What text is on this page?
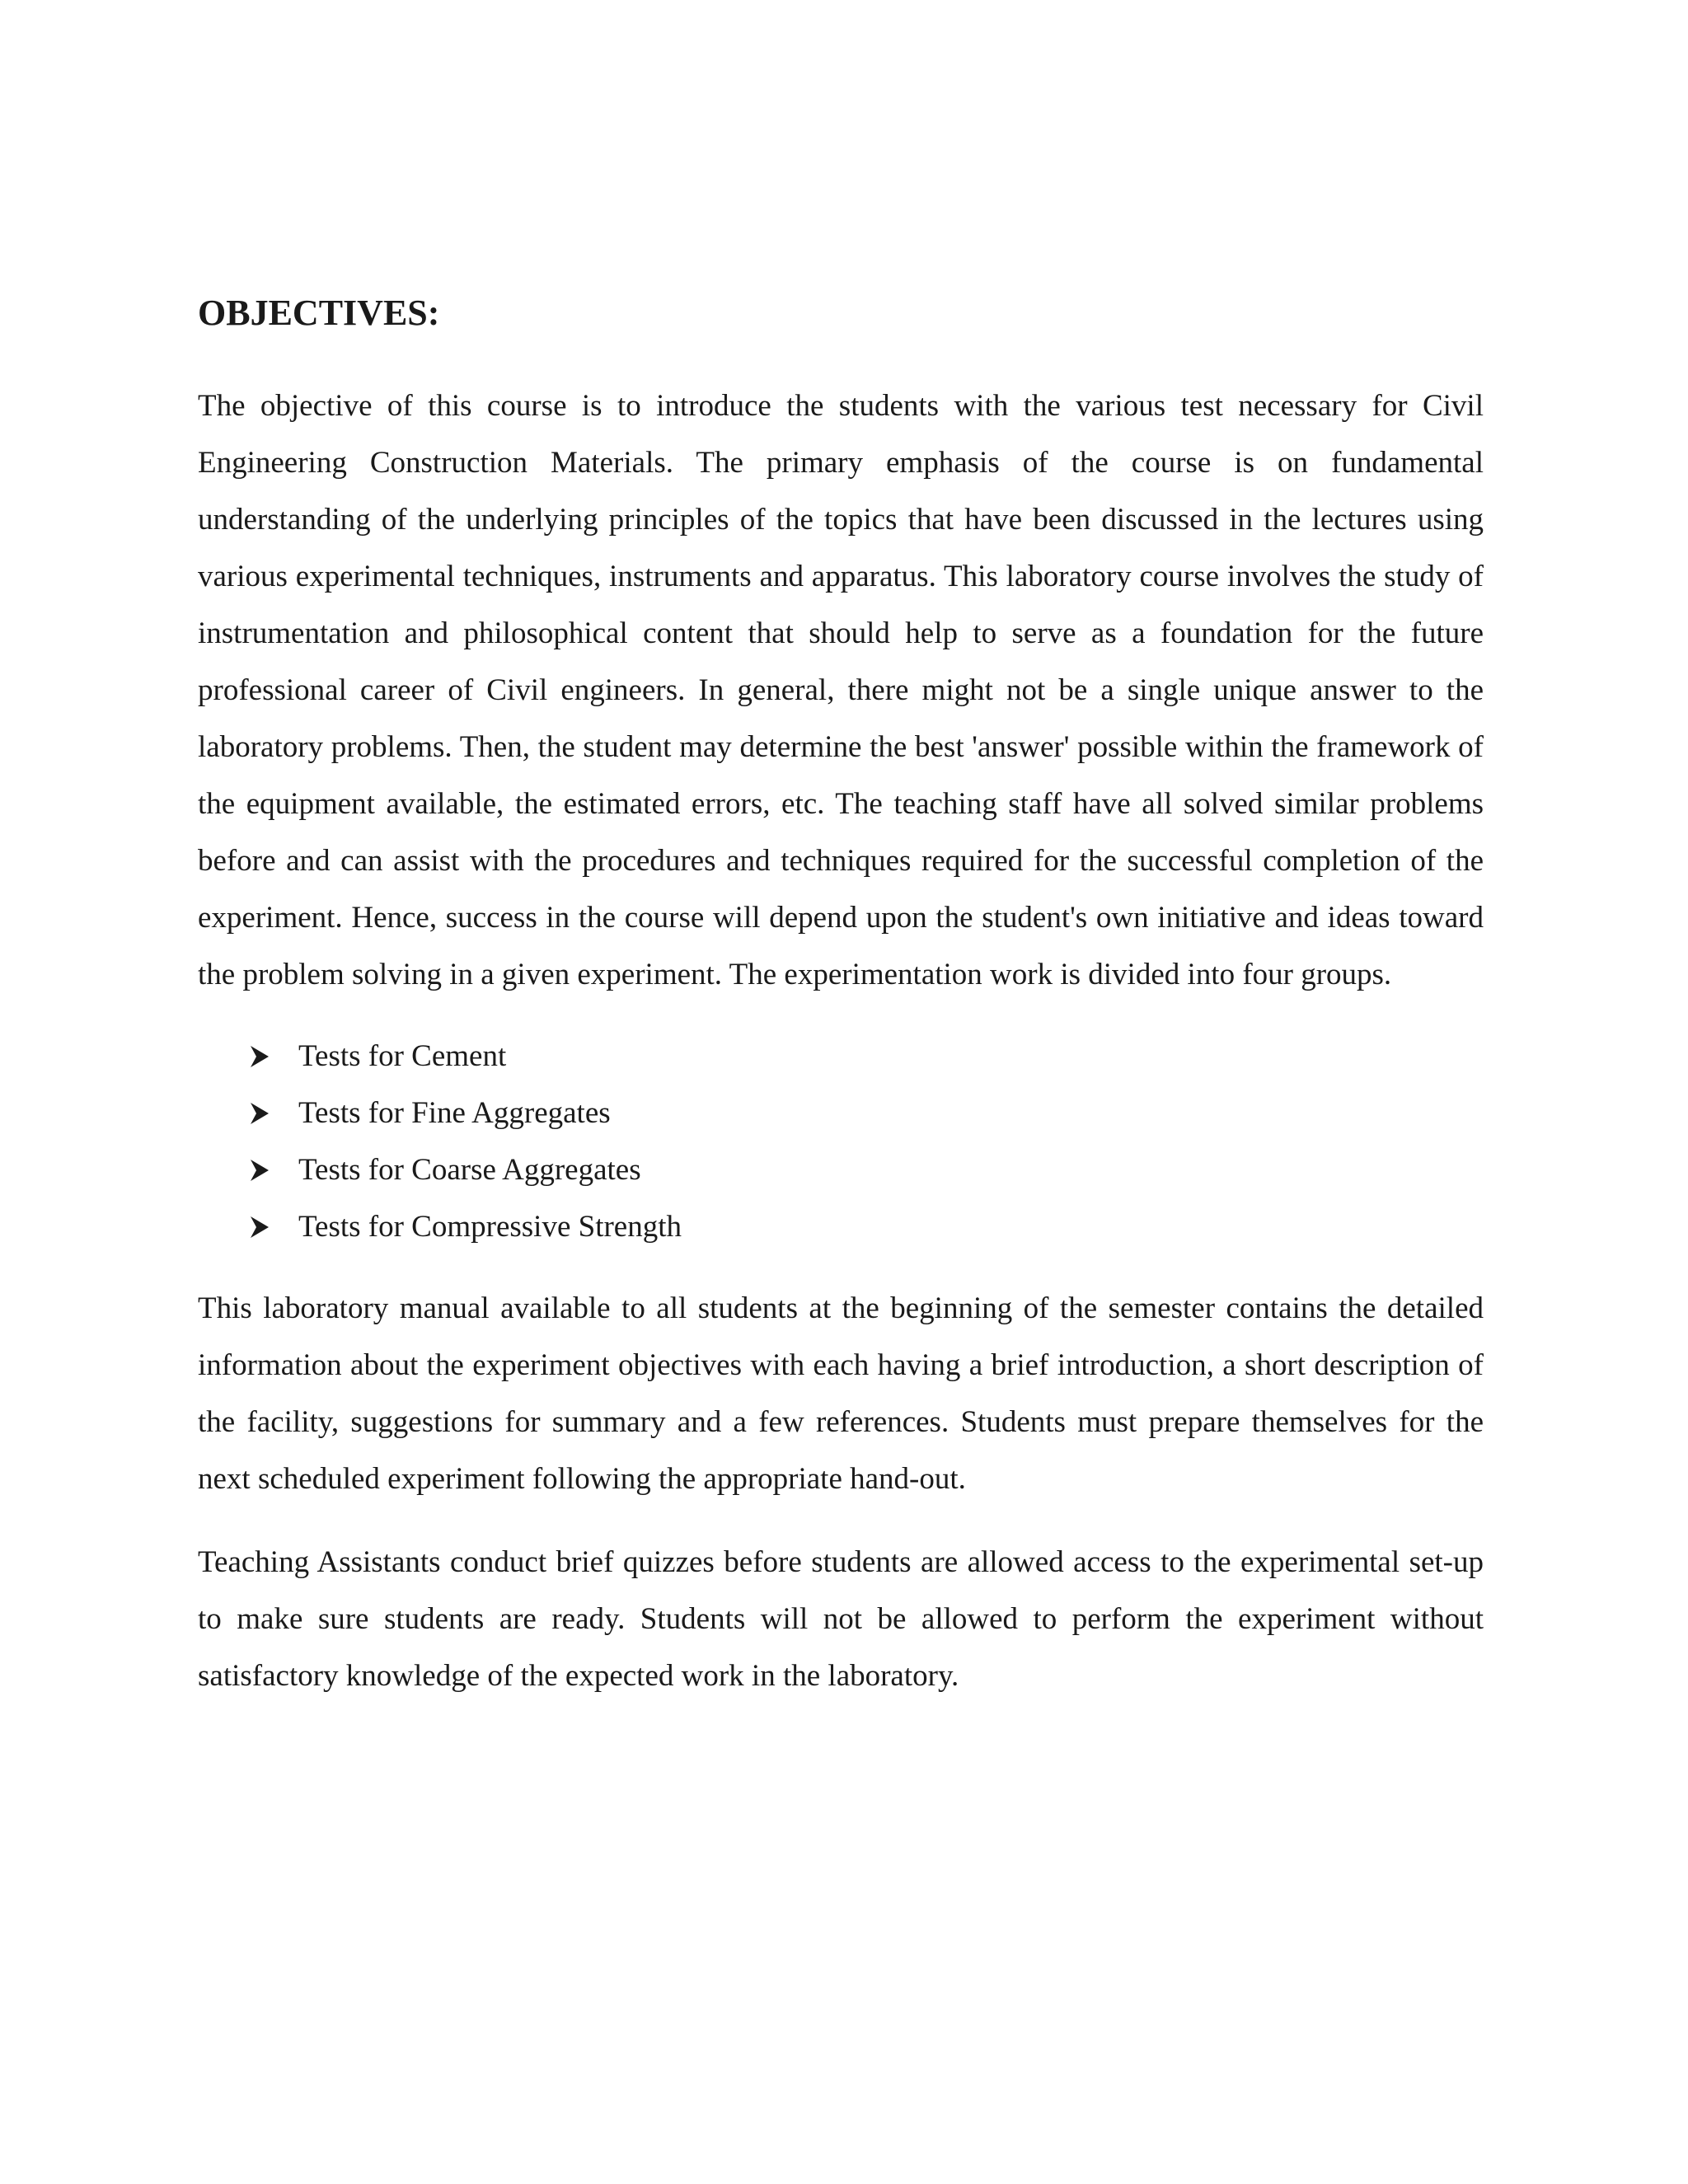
OBJECTIVES:

The objective of this course is to introduce the students with the various test necessary for Civil Engineering Construction Materials. The primary emphasis of the course is on fundamental understanding of the underlying principles of the topics that have been discussed in the lectures using various experimental techniques, instruments and apparatus. This laboratory course involves the study of instrumentation and philosophical content that should help to serve as a foundation for the future professional career of Civil engineers. In general, there might not be a single unique answer to the laboratory problems. Then, the student may determine the best 'answer' possible within the framework of the equipment available, the estimated errors, etc. The teaching staff have all solved similar problems before and can assist with the procedures and techniques required for the successful completion of the experiment. Hence, success in the course will depend upon the student's own initiative and ideas toward the problem solving in a given experiment. The experimentation work is divided into four groups.

Tests for Cement
Tests for Fine Aggregates
Tests for Coarse Aggregates
Tests for Compressive Strength

This laboratory manual available to all students at the beginning of the semester contains the detailed information about the experiment objectives with each having a brief introduction, a short description of the facility, suggestions for summary and a few references. Students must prepare themselves for the next scheduled experiment following the appropriate hand-out.

Teaching Assistants conduct brief quizzes before students are allowed access to the experimental set-up to make sure students are ready. Students will not be allowed to perform the experiment without satisfactory knowledge of the expected work in the laboratory.
